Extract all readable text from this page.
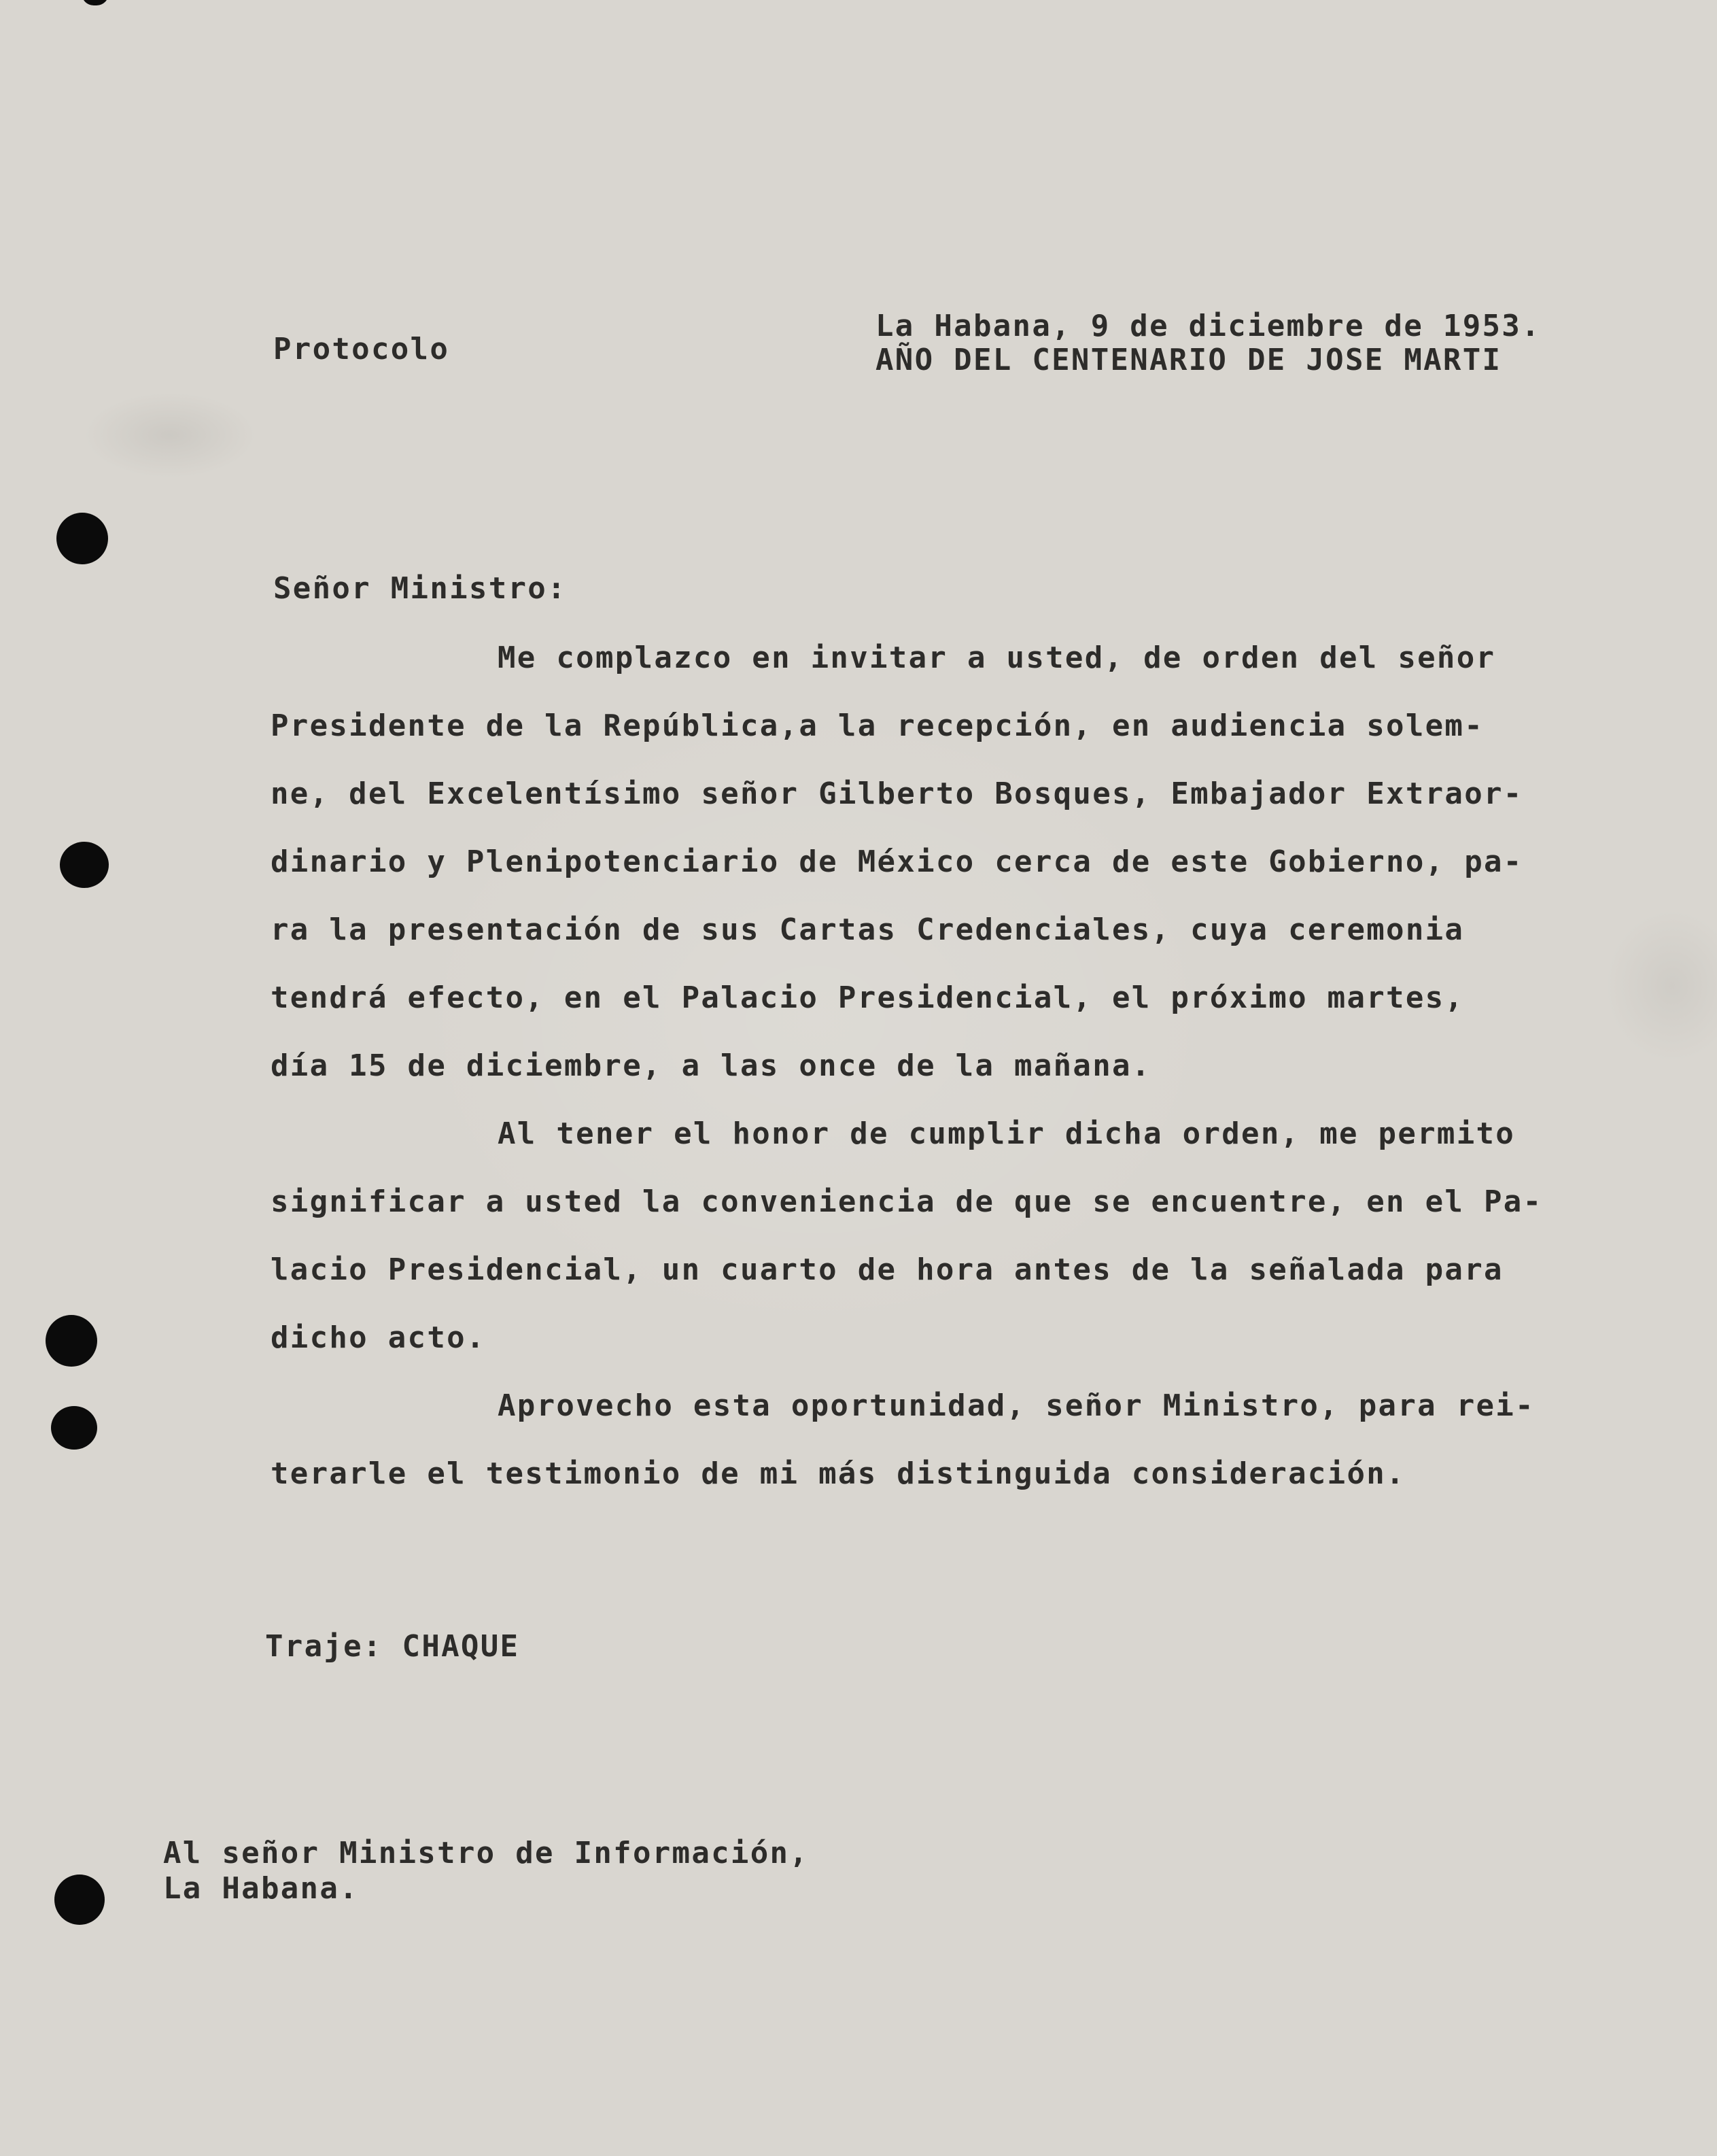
Protocolo

La Habana, 9 de diciembre de 1953.

AÑO DEL CENTENARIO DE JOSE MARTI

Señor Ministro:

Me complazco en invitar a usted, de orden del señor

Presidente de la República,a la recepción, en audiencia solem-

ne, del Excelentísimo señor Gilberto Bosques, Embajador Extraor-

dinario y Plenipotenciario de México cerca de este Gobierno, pa-

ra la presentación de sus Cartas Credenciales, cuya ceremonia

tendrá efecto, en el Palacio Presidencial, el próximo martes,

día 15 de diciembre, a las once de la mañana.

Al tener el honor de cumplir dicha orden, me permito

significar a usted la conveniencia de que se encuentre, en el Pa-

lacio Presidencial, un cuarto de hora antes de la señalada para

dicho acto.

Aprovecho esta oportunidad, señor Ministro, para rei-

terarle el testimonio de mi más distinguida consideración.

Traje: CHAQUE

Al señor Ministro de Información,

La Habana.
